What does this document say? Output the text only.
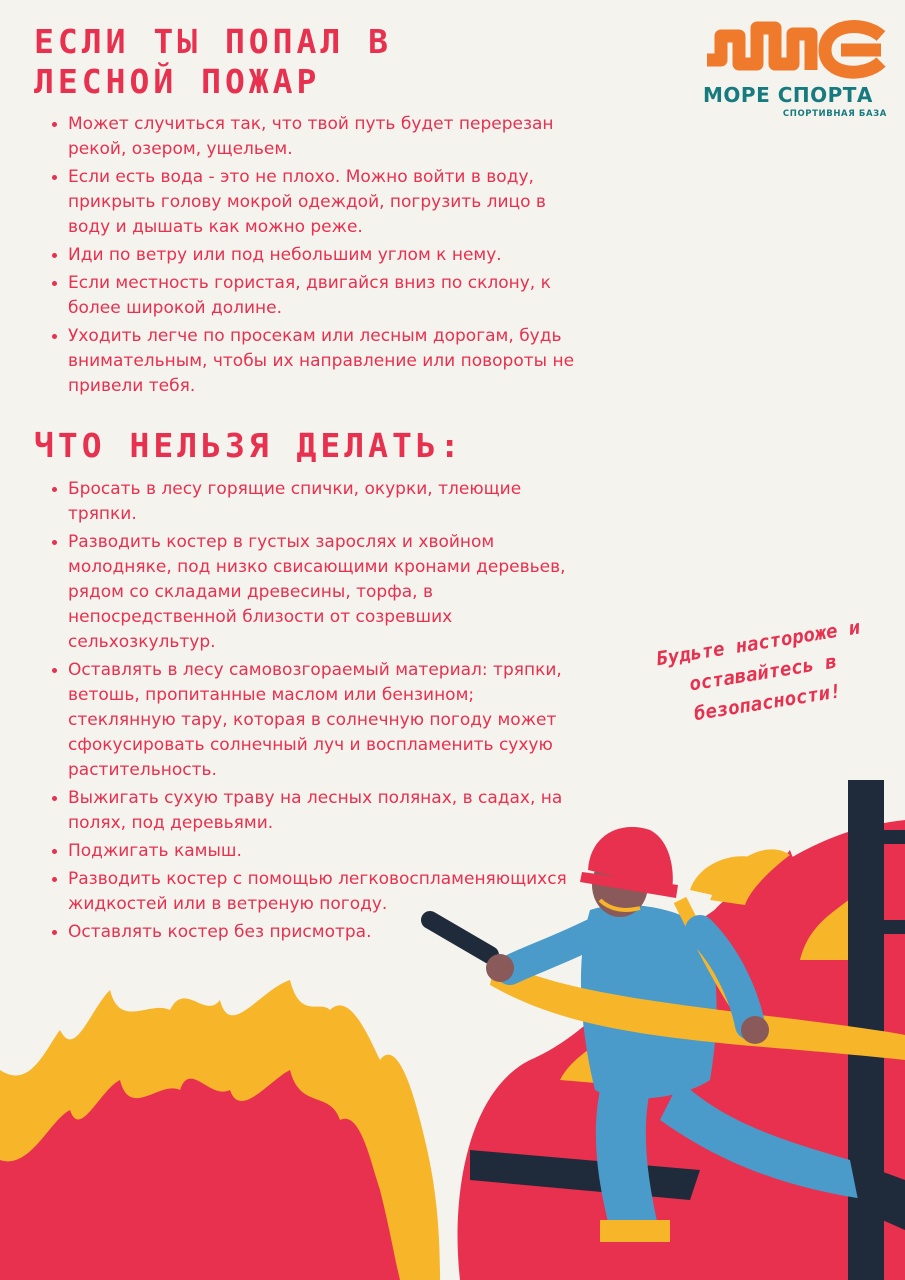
ЕСЛИ ТЫ ПОПАЛ В ЛЕСНОЙ ПОЖАР
• Может случиться так, что твой путь будет перерезан рекой, озером, ущельем.
• Если есть вода - это не плохо. Можно войти в воду, прикрыть голову мокрой одеждой, погрузить лицо в воду и дышать как можно реже.
• Иди по ветру или под небольшим углом к нему.
• Если местность гористая, двигайся вниз по склону, к более широкой долине.
• Уходить легче по просекам или лесным дорогам, будь внимательным, чтобы их направление или повороты не привели тебя.
ЧТО НЕЛЬЗЯ ДЕЛАТЬ:
• Бросать в лесу горящие спички, окурки, тлеющие тряпки.
• Разводить костер в густых зарослях и хвойном молодняке, под низко свисающими кронами деревьев, рядом со складами древесины, торфа, в непосредственной близости от созревших сельхозкультур.
• Оставлять в лесу самовозгораемый материал: тряпки, ветошь, пропитанные маслом или бензином; стеклянную тару, которая в солнечную погоду может сфокусировать солнечный луч и воспламенить сухую растительность.
• Выжигать сухую траву на лесных полянах, в садах, на полях, под деревьями.
• Поджигать камыш.
• Разводить костер с помощью легковоспламеняющихся жидкостей или в ветреную погоду.
• Оставлять костер без присмотра.
МОРЕ СПОРТА
СПОРТИВНАЯ БАЗА
Будьте настороже и оставайтесь в безопасности!
